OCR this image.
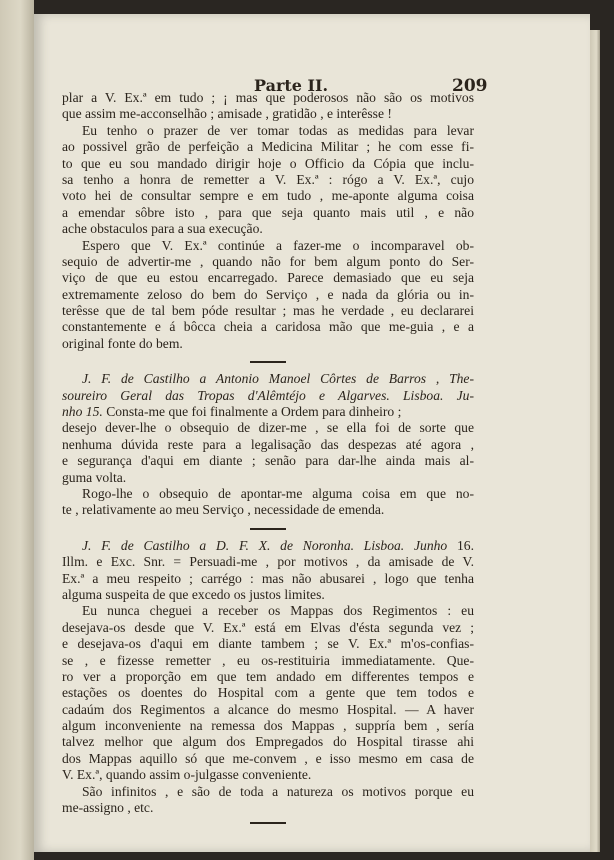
Parte II.	209
plar a V. Ex.ª em tudo ; ¡ mas que poderosos não são os motivos
que assim me-acconselhão ; amisade , gratidão , e interêsse !
Eu tenho o prazer de ver tomar todas as medidas para levar
ao possivel grão de perfeição a Medicina Militar ; he com esse fi-
to que eu sou mandado dirigir hoje o Officio da Cópia que inclu-
sa tenho a honra de remetter a V. Ex.ª : rógo a V. Ex.ª, cujo
voto hei de consultar sempre e em tudo , me-aponte alguma coisa
a emendar sôbre isto , para que seja quanto mais util , e não
ache obstaculos para a sua execução.
Espero que V. Ex.ª continúe a fazer-me o incomparavel ob-
sequio de advertir-me , quando não for bem algum ponto do Ser-
viço de que eu estou encarregado. Parece demasiado que eu seja
extremamente zeloso do bem do Serviço , e nada da glória ou in-
terêsse que de tal bem póde resultar ; mas he verdade , eu declararei
constantemente e á bôcca cheia a caridosa mão que me-guia , e a
original fonte do bem.
J. F. de Castilho a Antonio Manoel Côrtes de Barros , The-
soureiro Geral das Tropas d'Alêmtéjo e Algarves. Lisboa. Ju-
nho 15. Consta-me que foi finalmente a Ordem para dinheiro ;
desejo dever-lhe o obsequio de dizer-me , se ella foi de sorte que
nenhuma dúvida reste para a legalisação das despezas até agora ,
e segurança d'aqui em diante ; senão para dar-lhe ainda mais al-
guma volta.
Rogo-lhe o obsequio de apontar-me alguma coisa em que no-
te , relativamente ao meu Serviço , necessidade de emenda.
J. F. de Castilho a D. F. X. de Noronha. Lisboa. Junho 16.
Illm. e Exc. Snr. = Persuadi-me , por motivos , da amisade de V.
Ex.ª a meu respeito ; carrégo : mas não abusarei , logo que tenha
alguma suspeita de que excedo os justos limites.
Eu nunca cheguei a receber os Mappas dos Regimentos : eu
desejava-os desde que V. Ex.ª está em Elvas d'ésta segunda vez ;
e desejava-os d'aqui em diante tambem ; se V. Ex.ª m'os-confias-
se , e fizesse remetter , eu os-restituiria immediatamente. Que-
ro ver a proporção em que tem andado em differentes tempos e
estações os doentes do Hospital com a gente que tem todos e
cadaúm dos Regimentos a alcance do mesmo Hospital. — A haver
algum inconveniente na remessa dos Mappas , suppría bem , sería
talvez melhor que algum dos Empregados do Hospital tirasse ahi
dos Mappas aquillo só que me-convem , e isso mesmo em casa de
V. Ex.ª, quando assim o-julgasse conveniente.
São infinitos , e são de toda a natureza os motivos porque eu
me-assigno , etc.
